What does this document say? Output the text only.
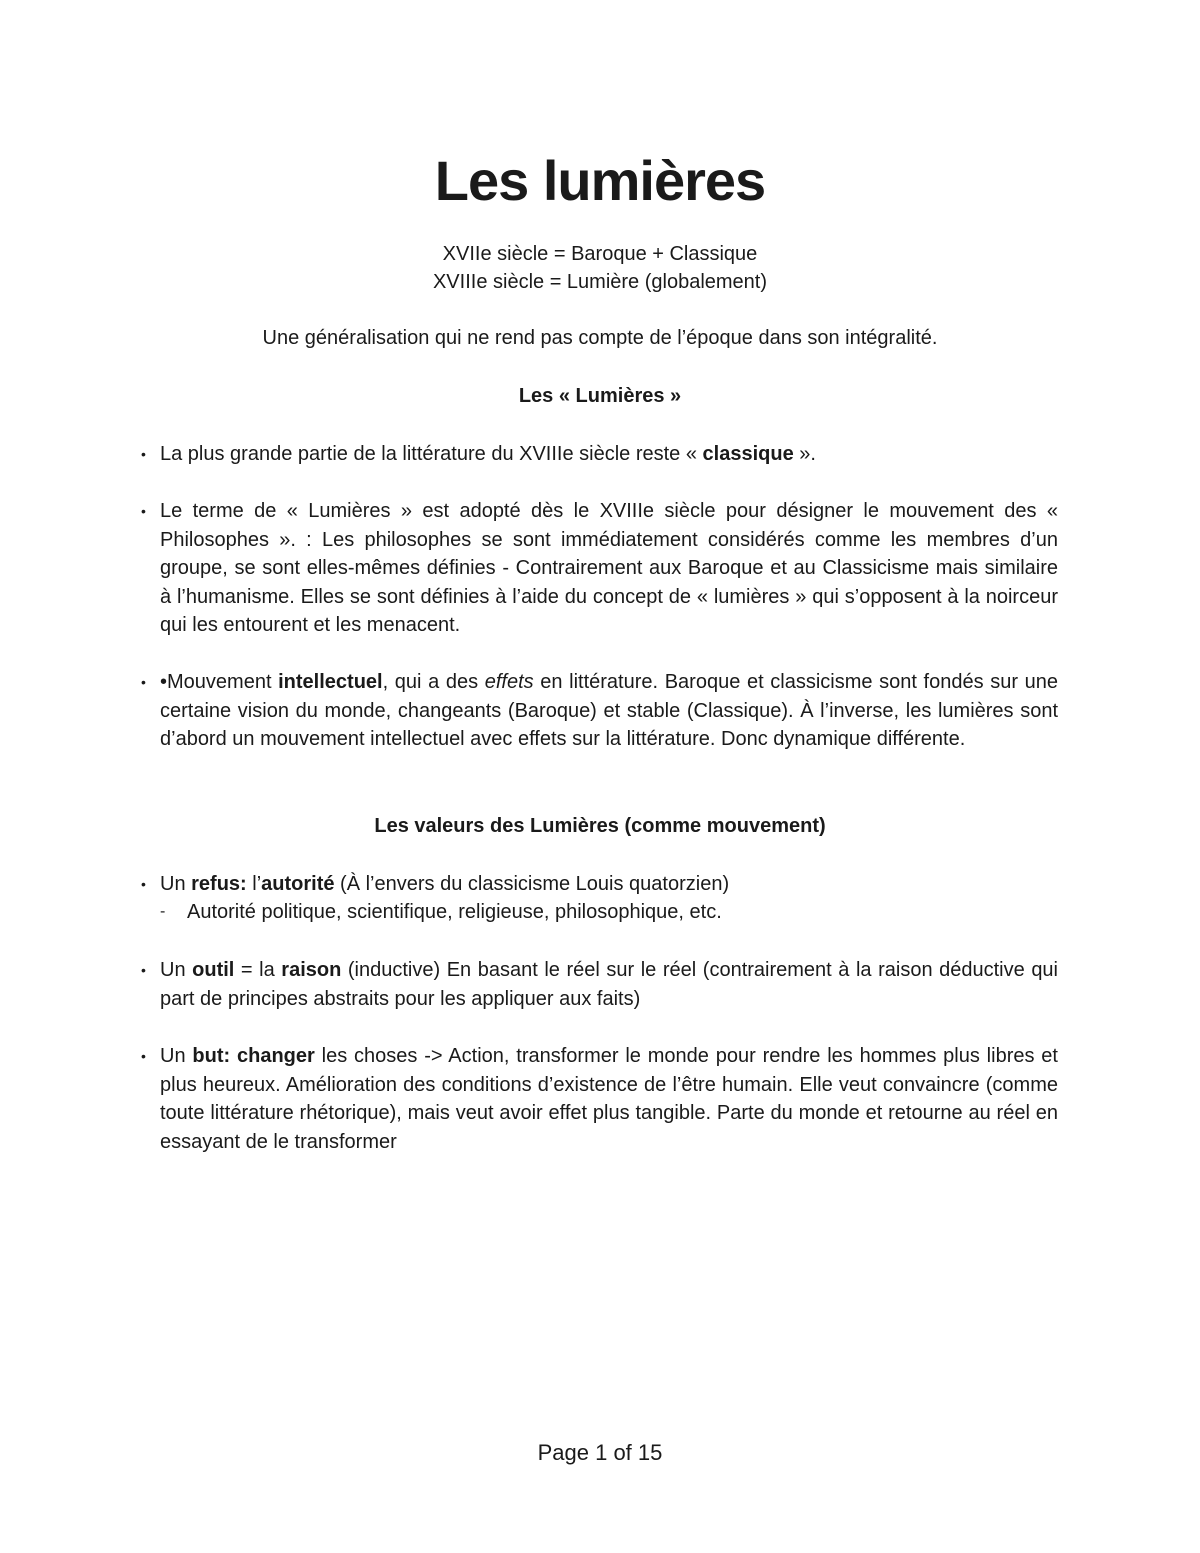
Les lumières

XVIIe siècle = Baroque + Classique

XVIIIe siècle = Lumière (globalement)

Une généralisation qui ne rend pas compte de l’époque dans son intégralité.

Les « Lumières »

• La plus grande partie de la littérature du XVIIIe siècle reste « classique ».
• Le terme de « Lumières » est adopté dès le XVIIIe siècle pour désigner le mouvement des « Philosophes ». : Les philosophes se sont immédiatement considérés comme les membres d’un groupe, se sont elles-mêmes définies - Contrairement aux Baroque et au Classicisme mais similaire à l’humanisme. Elles se sont définies à l’aide du concept de « lumières » qui s’opposent à la noirceur qui les entourent et les menacent.
• •Mouvement intellectuel, qui a des effets en littérature. Baroque et classicisme sont fondés sur une certaine vision du monde, changeants (Baroque) et stable (Classique). À l’inverse, les lumières sont d’abord un mouvement intellectuel avec effets sur la littérature. Donc dynamique différente.

Les valeurs des Lumières (comme mouvement)

• Un refus: l’autorité (À l’envers du classicisme Louis quatorzien)
- Autorité politique, scientifique, religieuse, philosophique, etc.
• Un outil = la raison (inductive) En basant le réel sur le réel (contrairement à la raison déductive qui part de principes abstraits pour les appliquer aux faits)
• Un but: changer les choses -> Action, transformer le monde pour rendre les hommes plus libres et plus heureux. Amélioration des conditions d’existence de l’être humain. Elle veut convaincre (comme toute littérature rhétorique), mais veut avoir effet plus tangible. Parte du monde et retourne au réel en essayant de le transformer
Page 1 of 15
